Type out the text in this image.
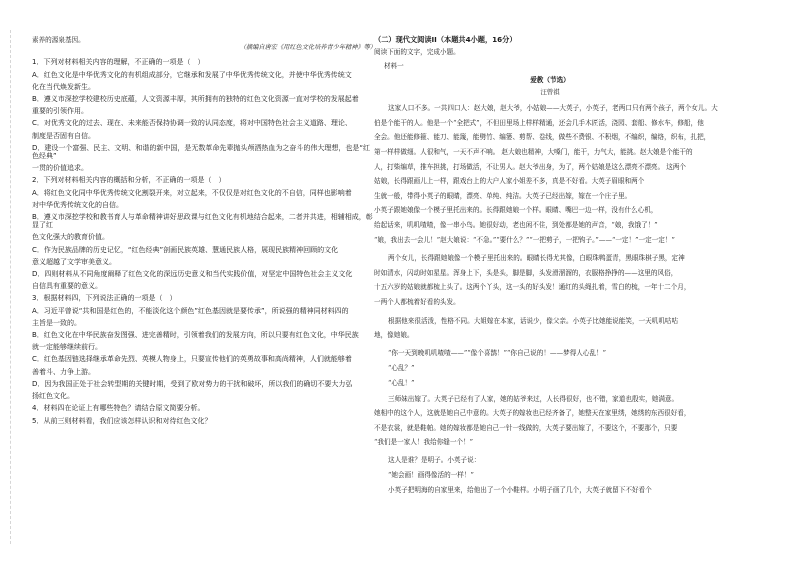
素养的源泉基因。

（摘编自唐宏《用红色文化培养青少年精神》等）

1．下列对材料相关内容的理解，不正确的一项是（　）

A．红色文化是中华优秀文化的有机组成部分，它继承和发展了中华优秀传统文化，并使中华优秀传统文

化在当代焕发新生。

B．遵义市深挖学校建校历史底蕴，人文资源丰厚，其所拥有的独特的红色文化资源一直对学校的发展起着

重要的引领作用。

C．对优秀文化的过去、现在、未来能否保持协调一致的认同态度，将对中国特色社会主义道路、理论、

制度是否固有自信。

D．建设一个富强、民主、文明、和谐的新中国，是无数革命先辈抛头颅洒热血为之奋斗的伟大理想，也是“红色经典”

一贯的价值追求。

2．下列对材料相关内容的概括和分析，不正确的一项是（　）

A．将红色文化同中华优秀传统文化割裂开来，对立起来，不仅仅是对红色文化的不自信，同样也影响着

对中华优秀传统文化的自信。

B．遵义市深挖学校和教书育人与革命精神讲好思政课与红色文化有机地结合起来，二者并共进，相辅相成，彰显了红

色文化强大的教育价值。

C．作为民族品牌的历史记忆，“红色经典”剖画民族英雄、慧通民族人格，展现民族精神回顾的文化

意义超越了文学审美意义。

D．四则材料从不同角度阐释了红色文化的深远历史意义和当代实践价值，对坚定中国特色社会主义文化

自信具有重要的意义。

3．根据材料四，下列说法正确的一项是（　）

A．习近平曾说“共和国是红色的，不能淡化这个颜色”红色基因就是要传承”，所说强的精神同材料四的

主旨是一致的。

B．红色文化在中华民族奋发图强、进完善精时，引领着我们的发展方向，所以只要有红色文化，中华民族

就一定能够继续前行。

C．红色基因链选择继承革命先烈、英模人物身上，只要宣传他们的英勇故事和高尚精神，人们就能够着

善着斗、力争上游。

D．因为我国正处于社会转型期的关键时期，受到了欧对势力的干扰和破坏，所以我们的确切不要大力弘

扬红色文化。

4．材料四在论证上有哪些特色？请结合原文简要分析。

5．从前三则材料看，我们应该怎样认识和对待红色文化？

（二）现代文阅读II（本题共4小题，16分）

阅读下面的文字，完成小题。

材料一

爱教（节选）

汪曾祺

这家人口不多。一共四口人：赵大娘，赵大爷，小姑娘——大英子，小英子，老两口只有两个孩子，两个女儿。大

伯是个能干的人。他是一个“全把式”，不但田里场上样样精通，还会几手木匠活，浇园、套船、修水车，修船，他

全会。他还能修箍、能刀、能篾，能劈竹、编篓、剪帮、卷线，做些不费银、不积烟，不编织，编络，织布，扎把，

第一样样做细。人很和气，一天不声不响。 赵大娘也精神，大嗓门，能干，力气大，能挑。赵大娘是个能干的

人，打柴编草，推车担挑，打场做活，不让男人。赵大爷出身，为了，两个姑娘是这么漂亮不漂亮。 这两个

姑娘，长得跟画儿上一样，跟戏台上的大户人家小姐差不多，真是不好看。大英子眉眼和两个

生就一般，带得小英子的眼睛，漂亮、单纯、纯洁。大英子已经出嫁，嫁在一个庄子里。

小英子跟她娘像一个模子里托出来的。长得跟她娘一个样。眼睛、嘴巴一边一样，没有什么心机，

给起话来，叽叽喳喳，像一串小鸟。她很好动，老也闲不住，到处都是她的声音，“娘，我饿了！”

“娘，我出去一会儿！”赵大娘说：“不急。”“要什么？”“一把剪子，一把钩子。”——“一定！”一定一定！”

两个女儿，长得跟她娘像一个模子里托出来的。眼睛长得尤其像，白眼珠鸭蛋青，黑眼珠棋子黑，定神

时如清水，闪动时如星星。浑身上下，头是头，脚是脚，头发滑溜溜的，衣服格挣挣的——这里的风俗，

十五六岁的姑娘就都梳上头了。这两个丫头，这一头的好头发！通红的头绳扎着，雪白的梳，一年十二个月，

一两个人都梳着好看的头发。

根据他来很活泼，性格不同。大姐嫁在本家，话说少，像父亲。小英子比她能说能笑，一天叽叽咕咕

地，像她娘。

“你一天到晚叽叽喳喳——”“像个喜鹊！”“你自己说的！——梦得人心乱！”

“心乱？”

“心乱！”

三师妹出嫁了。大英子已经有了人家，她的姑爷来过，人长得很好，也不错，家道也殷实，她满意。

她相中的这个人，这就是她自己中意的。大英子的嫁妆也已经齐备了，她整天在家里绣，她绣的东西很好看，

不是衣裳，就是鞋帕。她的嫁妆都是她自己一针一线做的，大英子要出嫁了，不要这个，不要那个，只要

“我们是一家人！我给你缝一个！”

这人是谁？是明子。小英子说：

“她会画！画得像活的一样！”

小英子把明海的自家里来，给他出了一个小鞋样。小明子画了几个，大英子就留下不好看个
